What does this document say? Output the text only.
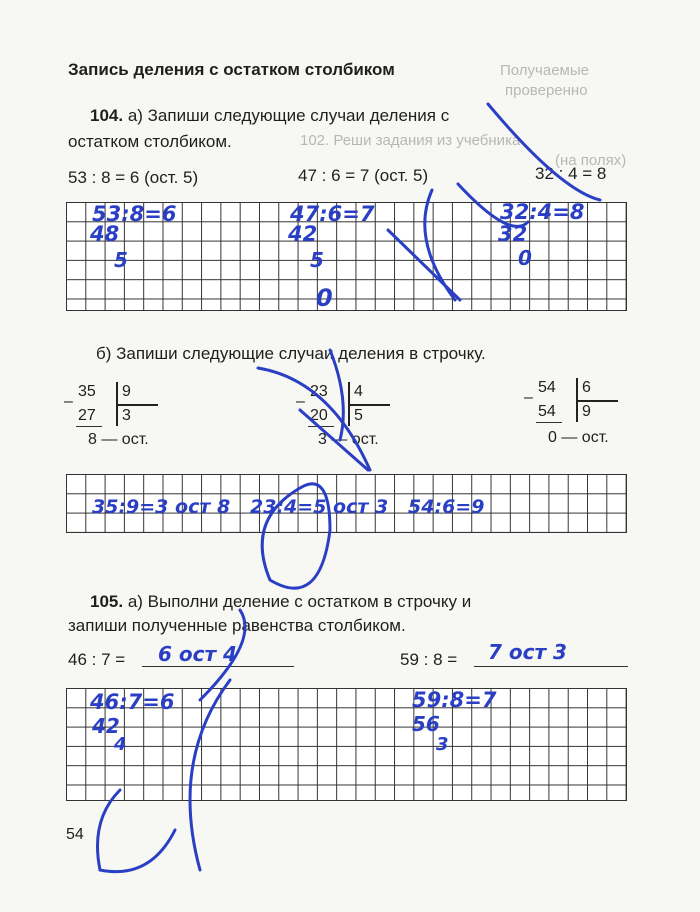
Получаемые
проверенно
102. Реши задания из учебника
(на полях)
Запись деления с остатком столбиком
104. а) Запиши следующие случаи деления с
остатком столбиком.
53 : 8 = 6 (ост. 5)	47 : 6 = 7 (ост. 5)	32 : 4 = 8
53:8=6
48
5
47:6=7
42
5
32:4=8
32
0
0
б) Запиши следующие случаи деления в строчку.
–
35 9
27 3
8 — ост.
–
23 4
20 5
3 — ост.
–
54 6
54 9
0 — ост.
35:9=3 ост 8   23:4=5 ост 3   54:6=9
105. а) Выполни деление с остатком в строчку и
запиши полученные равенства столбиком.
46 : 7 = 6 ост 4	59 : 8 = 7 ост 3
46:7=6
42
4
59:8=7
56
3
54
